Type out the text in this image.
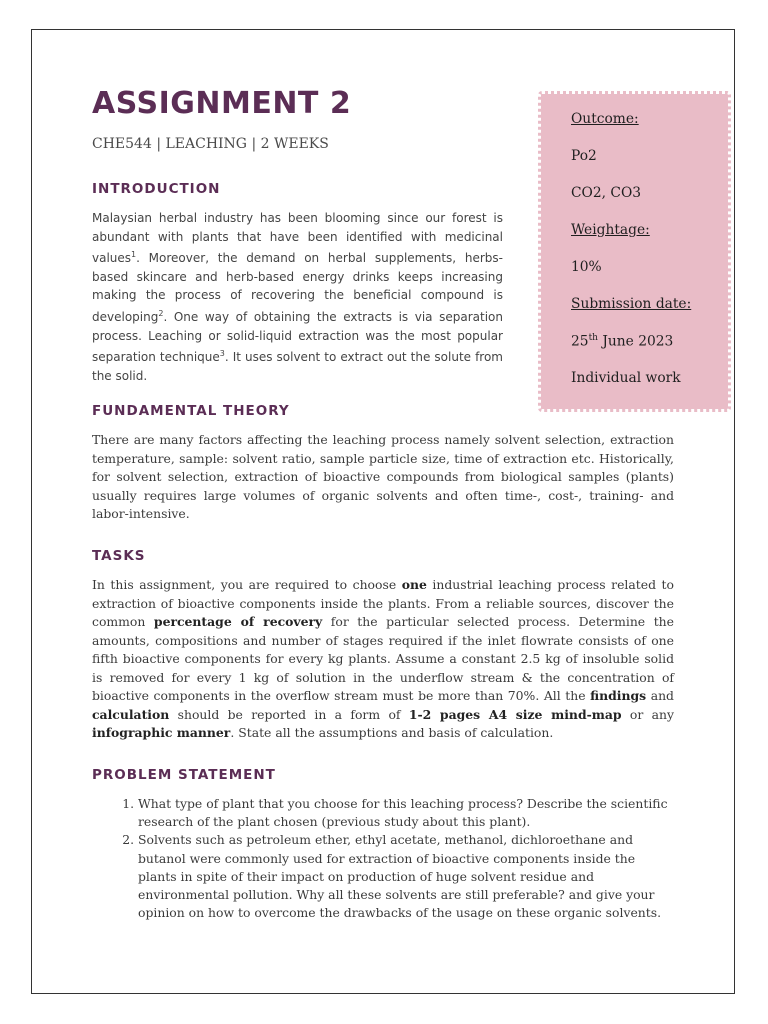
ASSIGNMENT 2
CHE544 | LEACHING | 2 WEEKS
Outcome:
Po2
CO2, CO3
Weightage:
10%
Submission date:
25th June 2023
Individual work
INTRODUCTION

Malaysian herbal industry has been blooming since our forest is abundant with plants that have been identified with medicinal values$^1$. Moreover, the demand on herbal supplements, herbs-based skincare and herb-based energy drinks keeps increasing making the process of recovering the beneficial compound is developing$^2$. One way of obtaining the extracts is via separation process. Leaching or solid-liquid extraction was the most popular separation technique$^3$. It uses solvent to extract out the solute from the solid.

FUNDAMENTAL THEORY

There are many factors affecting the leaching process namely solvent selection, extraction temperature, sample: solvent ratio, sample particle size, time of extraction etc. Historically, for solvent selection, extraction of bioactive compounds from biological samples (plants) usually requires large volumes of organic solvents and often time-, cost-, training- and labor-intensive.

TASKS

In this assignment, you are required to choose one industrial leaching process related to extraction of bioactive components inside the plants. From a reliable sources, discover the common percentage of recovery for the particular selected process. Determine the amounts, compositions and number of stages required if the inlet flowrate consists of one fifth bioactive components for every kg plants. Assume a constant 2.5 kg of insoluble solid is removed for every 1 kg of solution in the underflow stream & the concentration of bioactive components in the overflow stream must be more than 70%. All the findings and calculation should be reported in a form of 1-2 pages A4 size mind-map or any infographic manner. State all the assumptions and basis of calculation.

PROBLEM STATEMENT
1. What type of plant that you choose for this leaching process? Describe the scientific research of the plant chosen (previous study about this plant).
2. Solvents such as petroleum ether, ethyl acetate, methanol, dichloroethane and butanol were commonly used for extraction of bioactive components inside the plants in spite of their impact on production of huge solvent residue and environmental pollution. Why all these solvents are still preferable? and give your opinion on how to overcome the drawbacks of the usage on these organic solvents.
